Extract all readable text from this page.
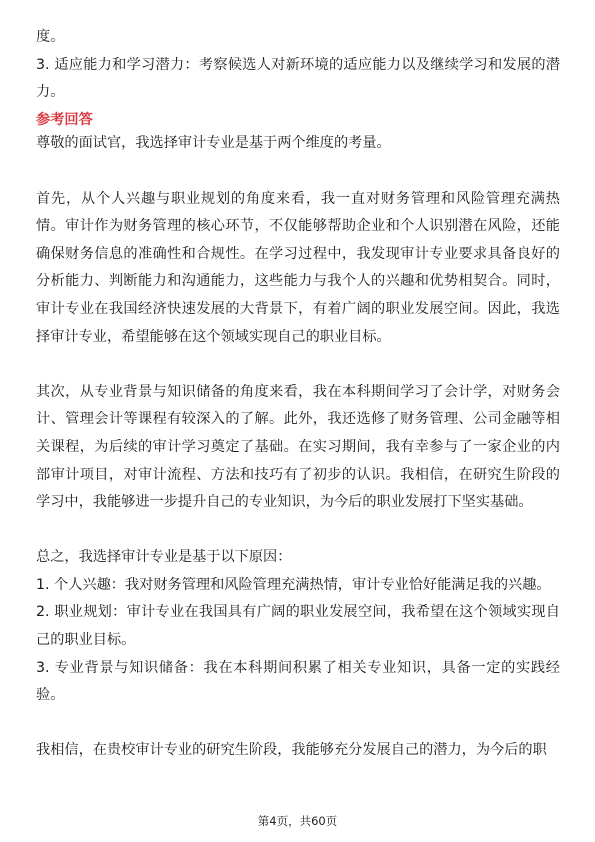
度。

3. 适应能力和学习潜力：考察候选人对新环境的适应能力以及继续学习和发展的潜力。

参考回答

尊敬的面试官，我选择审计专业是基于两个维度的考量。

首先，从个人兴趣与职业规划的角度来看，我一直对财务管理和风险管理充满热情。审计作为财务管理的核心环节，不仅能够帮助企业和个人识别潜在风险，还能确保财务信息的准确性和合规性。在学习过程中，我发现审计专业要求具备良好的分析能力、判断能力和沟通能力，这些能力与我个人的兴趣和优势相契合。同时，审计专业在我国经济快速发展的大背景下，有着广阔的职业发展空间。因此，我选择审计专业，希望能够在这个领域实现自己的职业目标。

其次，从专业背景与知识储备的角度来看，我在本科期间学习了会计学，对财务会计、管理会计等课程有较深入的了解。此外，我还选修了财务管理、公司金融等相关课程，为后续的审计学习奠定了基础。在实习期间，我有幸参与了一家企业的内部审计项目，对审计流程、方法和技巧有了初步的认识。我相信，在研究生阶段的学习中，我能够进一步提升自己的专业知识，为今后的职业发展打下坚实基础。

总之，我选择审计专业是基于以下原因：

1. 个人兴趣：我对财务管理和风险管理充满热情，审计专业恰好能满足我的兴趣。

2. 职业规划：审计专业在我国具有广阔的职业发展空间，我希望在这个领域实现自己的职业目标。

3. 专业背景与知识储备：我在本科期间积累了相关专业知识，具备一定的实践经验。

我相信，在贵校审计专业的研究生阶段，我能够充分发展自己的潜力，为今后的职

第4页，共60页
